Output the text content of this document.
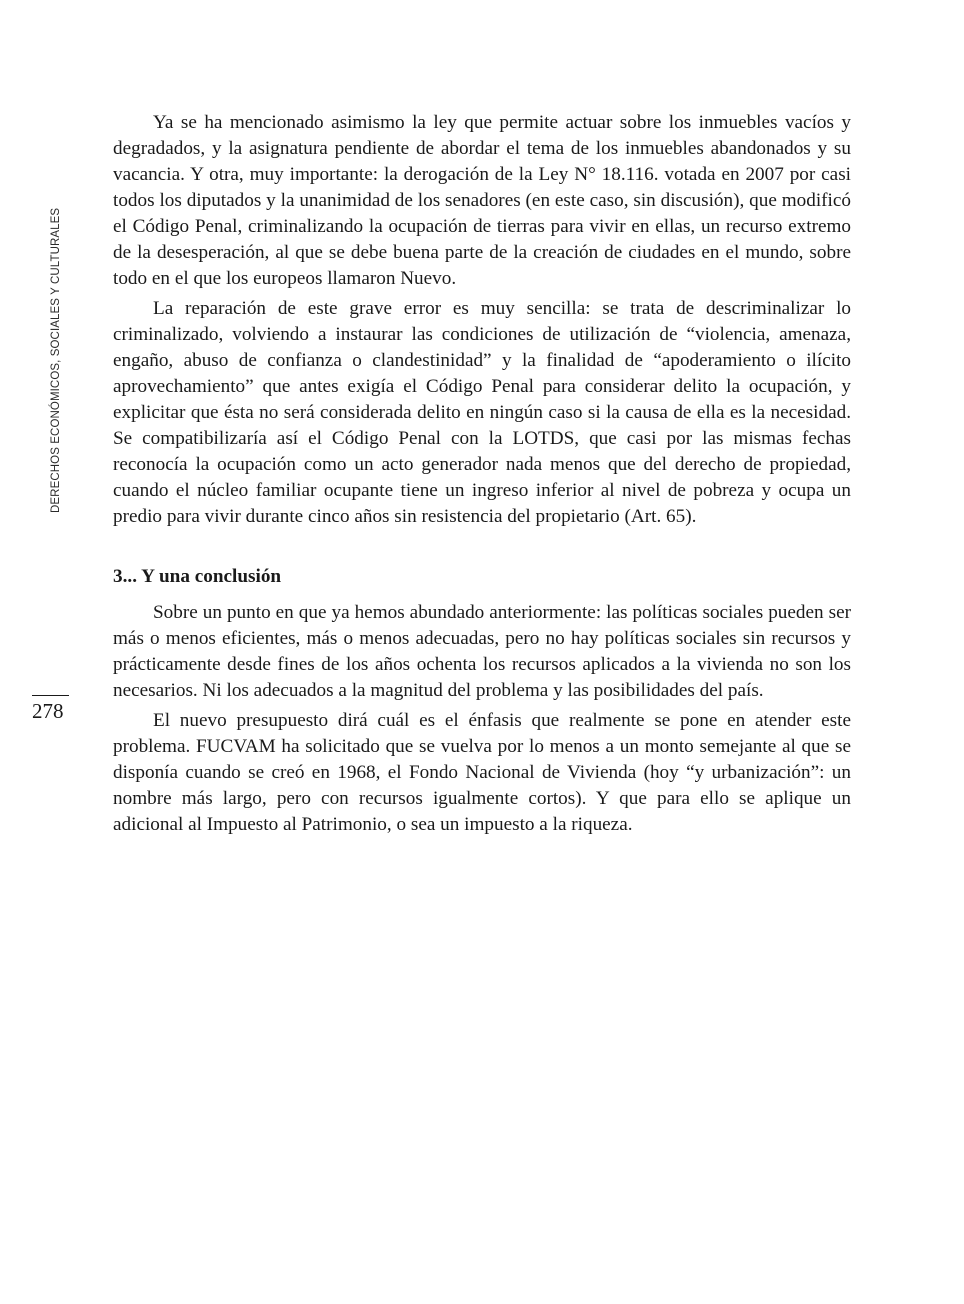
DERECHOS ECONÓMICOS, SOCIALES Y CULTURALES
278

Ya se ha mencionado asimismo la ley que permite actuar sobre los inmuebles vacíos y degradados, y la asignatura pendiente de abordar el tema de los inmuebles abandonados y su vacancia. Y otra, muy importante: la derogación de la Ley N° 18.116. votada en 2007 por casi todos los diputados y la unanimidad de los senadores (en este caso, sin discusión), que modificó el Código Penal, criminalizando la ocupación de tierras para vivir en ellas, un recurso extremo de la desesperación, al que se debe buena parte de la creación de ciudades en el mundo, sobre todo en el que los europeos llamaron Nuevo.

La reparación de este grave error es muy sencilla: se trata de descriminalizar lo criminalizado, volviendo a instaurar las condiciones de utilización de “violencia, amenaza, engaño, abuso de confianza o clandestinidad” y la finalidad de “apoderamiento o ilícito aprovechamiento” que antes exigía el Código Penal para considerar delito la ocupación, y explicitar que ésta no será considerada delito en ningún caso si la causa de ella es la necesidad. Se compatibilizaría así el Código Penal con la LOTDS, que casi por las mismas fechas reconocía la ocupación como un acto generador nada menos que del derecho de propiedad, cuando el núcleo familiar ocupante tiene un ingreso inferior al nivel de pobreza y ocupa un predio para vivir durante cinco años sin resistencia del propietario (Art. 65).

3... Y una conclusión

Sobre un punto en que ya hemos abundado anteriormente: las políticas sociales pueden ser más o menos eficientes, más o menos adecuadas, pero no hay políticas sociales sin recursos y prácticamente desde fines de los años ochenta los recursos aplicados a la vivienda no son los necesarios. Ni los adecuados a la magnitud del problema y las posibilidades del país.

El nuevo presupuesto dirá cuál es el énfasis que realmente se pone en atender este problema. FUCVAM ha solicitado que se vuelva por lo menos a un monto semejante al que se disponía cuando se creó en 1968, el Fondo Nacional de Vivienda (hoy “y urbanización”: un nombre más largo, pero con recursos igualmente cortos). Y que para ello se aplique un adicional al Impuesto al Patrimonio, o sea un impuesto a la riqueza.
